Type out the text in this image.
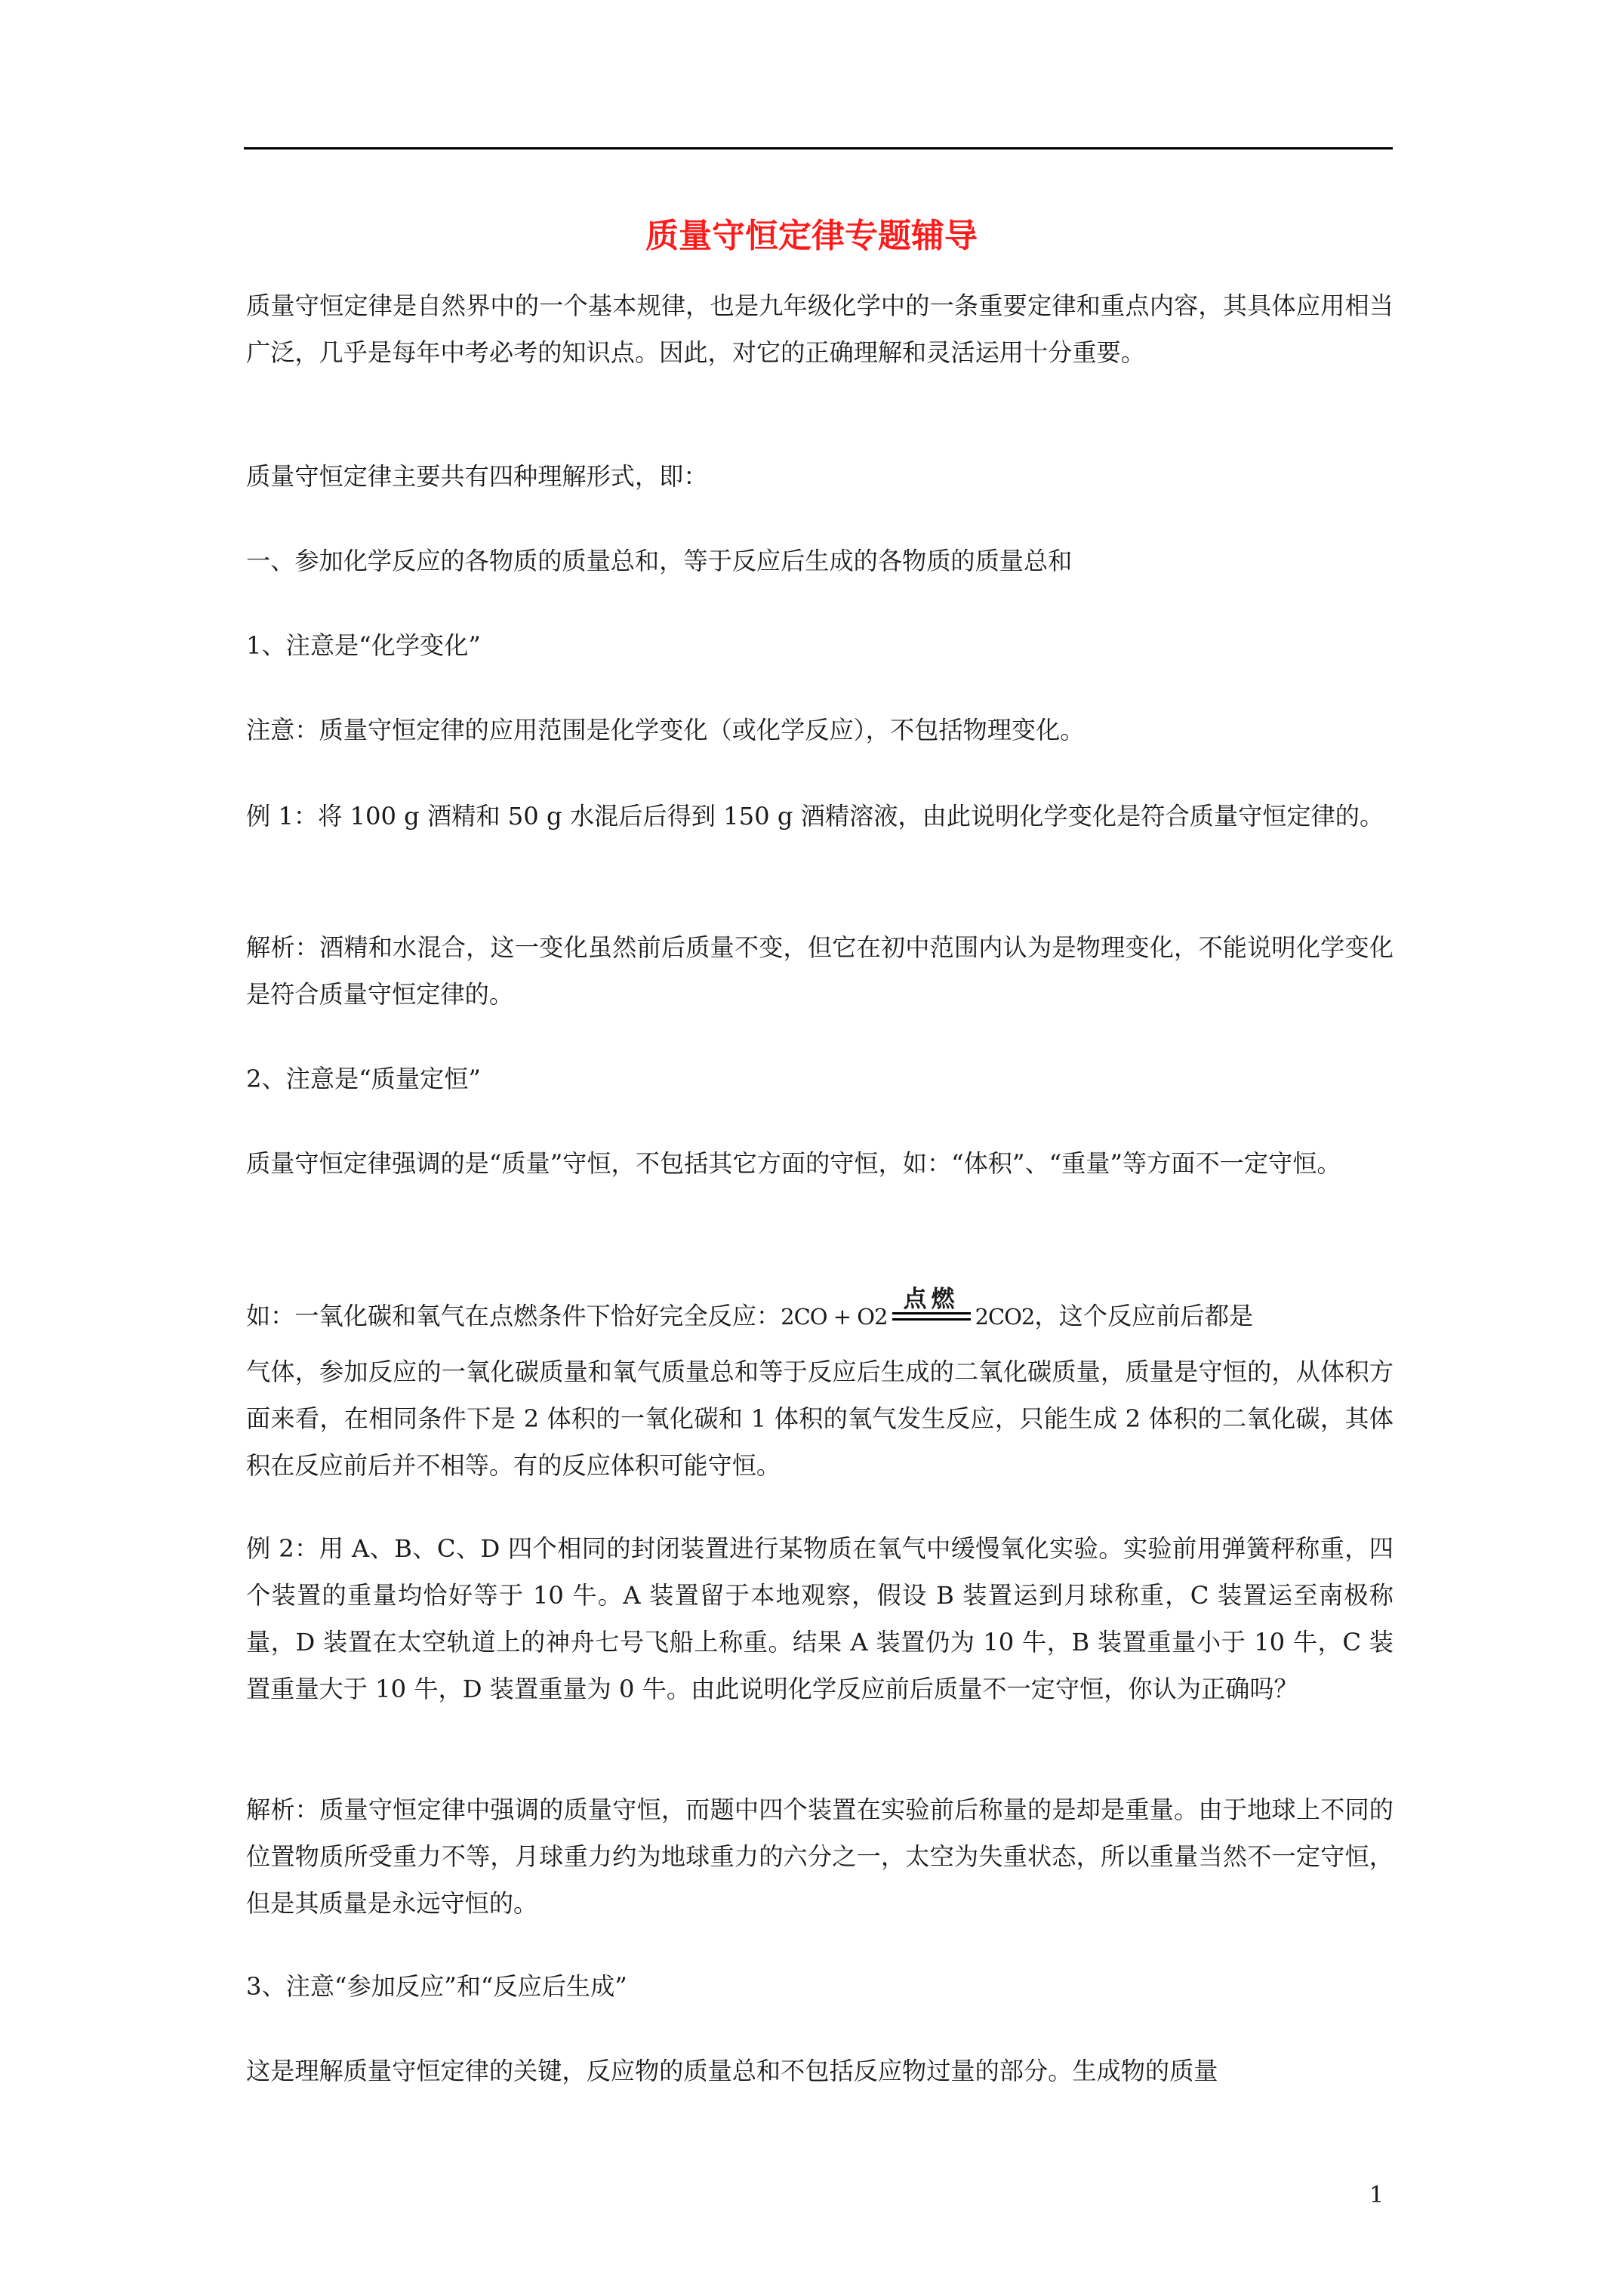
质量守恒定律专题辅导

质量守恒定律是自然界中的一个基本规律，也是九年级化学中的一条重要定律和重点内容，其具体应用相当广泛，几乎是每年中考必考的知识点。因此，对它的正确理解和灵活运用十分重要。

质量守恒定律主要共有四种理解形式，即：

一、参加化学反应的各物质的质量总和，等于反应后生成的各物质的质量总和

1、注意是“化学变化”

注意：质量守恒定律的应用范围是化学变化（或化学反应），不包括物理变化。

例 1：将 100 g 酒精和 50 g 水混后后得到 150 g 酒精溶液，由此说明化学变化是符合质量守恒定律的。

解析：酒精和水混合，这一变化虽然前后质量不变，但它在初中范围内认为是物理变化，不能说明化学变化是符合质量守恒定律的。

2、注意是“质量定恒”

质量守恒定律强调的是“质量”守恒，不包括其它方面的守恒，如：“体积”、“重量”等方面不一定守恒。

如：一氧化碳和氧气在点燃条件下恰好完全反应：2CO + O2
点燃
2CO2，这个反应前后都是

气体，参加反应的一氧化碳质量和氧气质量总和等于反应后生成的二氧化碳质量，质量是守恒的，从体积方面来看，在相同条件下是 2 体积的一氧化碳和 1 体积的氧气发生反应，只能生成 2 体积的二氧化碳，其体积在反应前后并不相等。有的反应体积可能守恒。

例 2：用 A、B、C、D 四个相同的封闭装置进行某物质在氧气中缓慢氧化实验。实验前用弹簧秤称重，四个装置的重量均恰好等于 10 牛。A 装置留于本地观察，假设 B 装置运到月球称重，C 装置运至南极称量，D 装置在太空轨道上的神舟七号飞船上称重。结果 A 装置仍为 10 牛，B 装置重量小于 10 牛，C 装置重量大于 10 牛，D 装置重量为 0 牛。由此说明化学反应前后质量不一定守恒，你认为正确吗？

解析：质量守恒定律中强调的质量守恒，而题中四个装置在实验前后称量的是却是重量。由于地球上不同的位置物质所受重力不等，月球重力约为地球重力的六分之一，太空为失重状态，所以重量当然不一定守恒，但是其质量是永远守恒的。

3、注意“参加反应”和“反应后生成”

这是理解质量守恒定律的关键，反应物的质量总和不包括反应物过量的部分。生成物的质量

1
